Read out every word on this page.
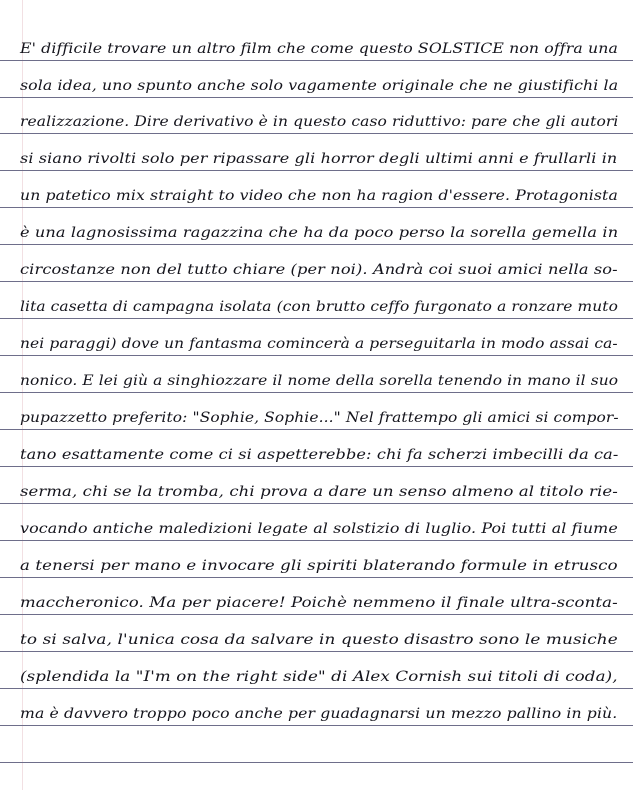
E' difficile trovare un altro film che come questo SOLSTICE non offra una
sola idea, uno spunto anche solo vagamente originale che ne giustifichi la
realizzazione. Dire derivativo è in questo caso riduttivo: pare che gli autori
si siano rivolti solo per ripassare gli horror degli ultimi anni e frullarli in
un patetico mix straight to video che non ha ragion d'essere. Protagonista
è una lagnosissima ragazzina che ha da poco perso la sorella gemella in
circostanze non del tutto chiare (per noi). Andrà coi suoi amici nella so-
lita casetta di campagna isolata (con brutto ceffo furgonato a ronzare muto
nei paraggi) dove un fantasma comincerà a perseguitarla in modo assai ca-
nonico. E lei giù a singhiozzare il nome della sorella tenendo in mano il suo
pupazzetto preferito: "Sophie, Sophie..." Nel frattempo gli amici si compor-
tano esattamente come ci si aspetterebbe: chi fa scherzi imbecilli da ca-
serma, chi se la tromba, chi prova a dare un senso almeno al titolo rie-
vocando antiche maledizioni legate al solstizio di luglio. Poi tutti al fiume
a tenersi per mano e invocare gli spiriti blaterando formule in etrusco
maccheronico. Ma per piacere! Poichè nemmeno il finale ultra-sconta-
to si salva, l'unica cosa da salvare in questo disastro sono le musiche
(splendida la "I'm on the right side" di Alex Cornish sui titoli di coda),
ma è davvero troppo poco anche per guadagnarsi un mezzo pallino in più.
